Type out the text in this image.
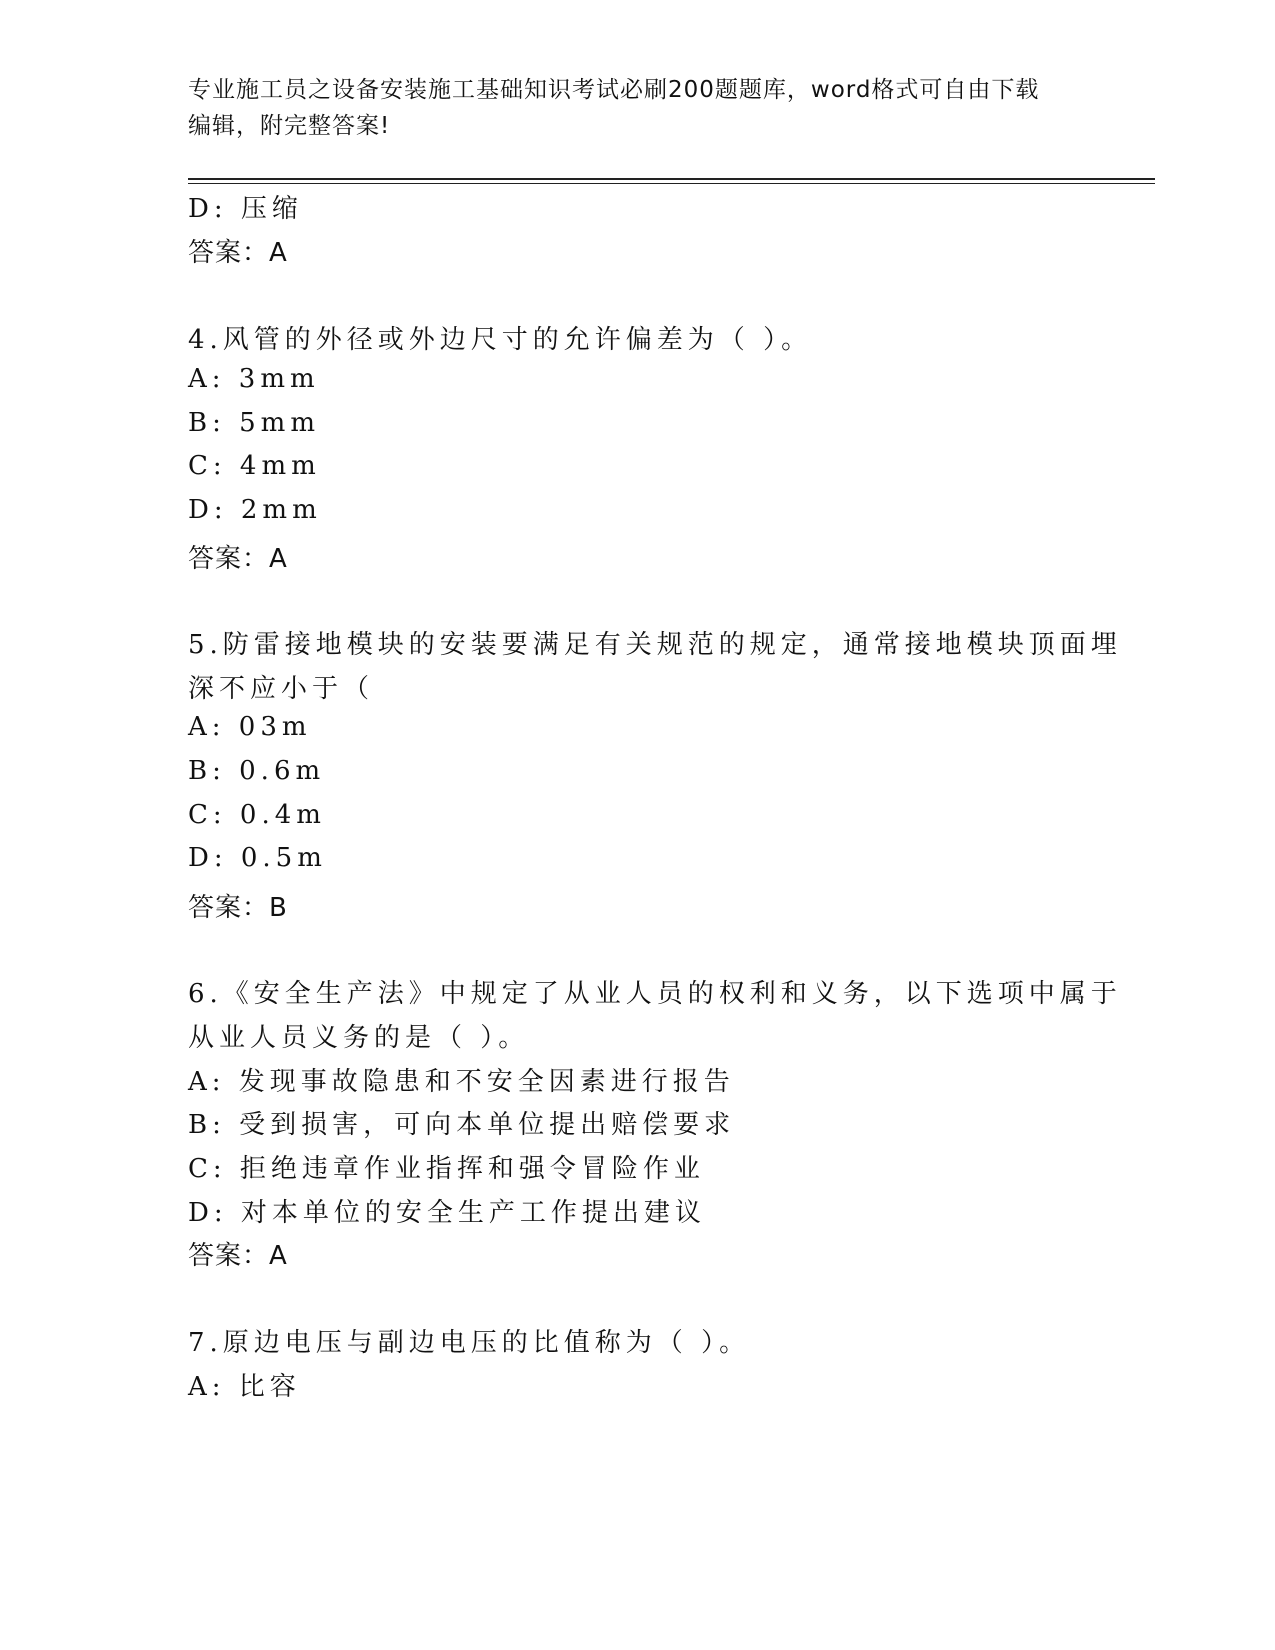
专业施工员之设备安装施工基础知识考试必刷200题题库，word格式可自由下载
编辑，附完整答案!
D: 压缩
答案：A
4.风管的外径或外边尺寸的允许偏差为（ ）。
A: 3mm
B: 5mm
C: 4mm
D: 2mm
答案：A
5.防雷接地模块的安装要满足有关规范的规定，通常接地模块顶面埋
深不应小于（
A: 03m
B: 0.6m
C: 0.4m
D: 0.5m
答案：B
6.《安全生产法》中规定了从业人员的权利和义务，以下选项中属于
从业人员义务的是（ ）。
A: 发现事故隐患和不安全因素进行报告
B: 受到损害，可向本单位提出赔偿要求
C: 拒绝违章作业指挥和强令冒险作业
D: 对本单位的安全生产工作提出建议
答案：A
7.原边电压与副边电压的比值称为（ ）。
A: 比容
